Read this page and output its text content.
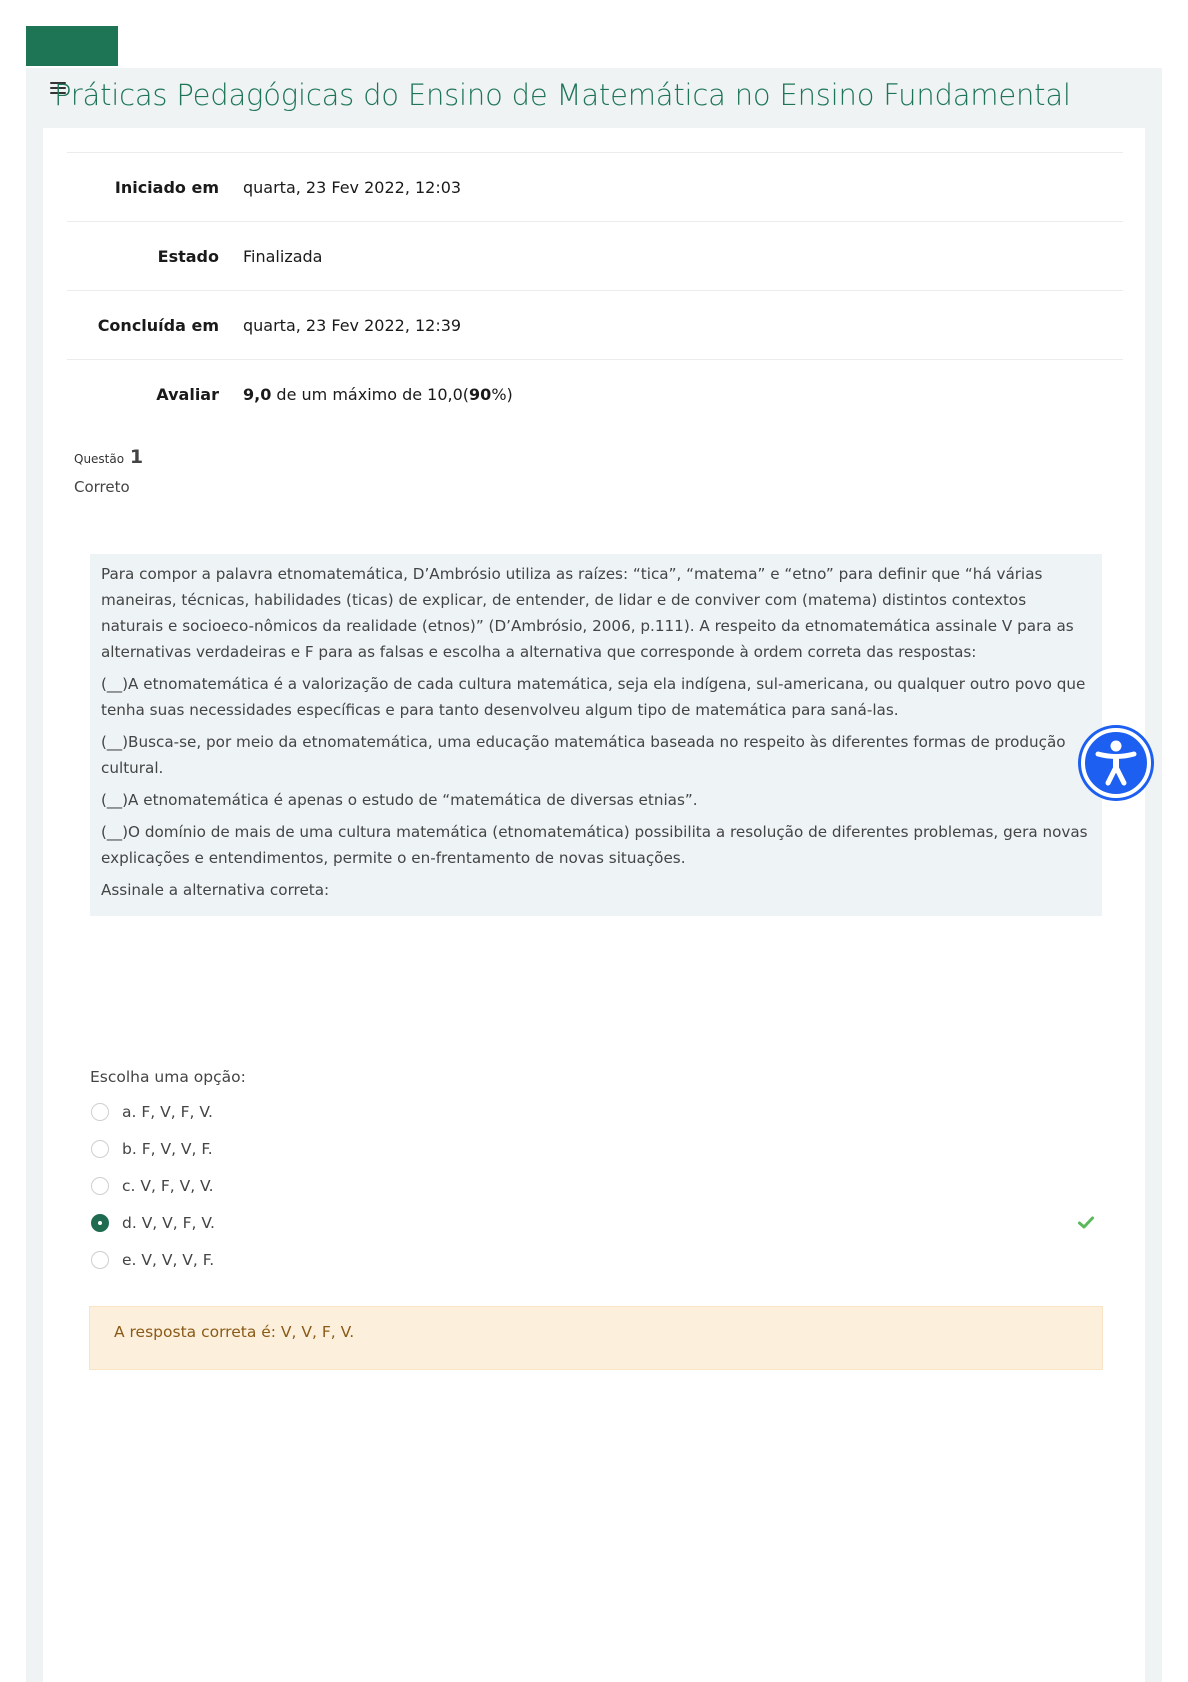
Práticas Pedagógicas do Ensino de Matemática no Ensino Fundamental
Iniciado em quarta, 23 Fev 2022, 12:03
Estado Finalizada
Concluída em quarta, 23 Fev 2022, 12:39
Avaliar 9,0 de um máximo de 10,0(90%)
Questão 1
Correto

Para compor a palavra etnomatemática, D’Ambrósio utiliza as raízes: “tica”, “matema” e “etno” para definir que “há várias maneiras, técnicas, habilidades (ticas) de explicar, de entender, de lidar e de conviver com (matema) distintos contextos naturais e socioeco-nômicos da realidade (etnos)” (D’Ambrósio, 2006, p.111). A respeito da etnomatemática assinale V para as alternativas verdadeiras e F para as falsas e escolha a alternativa que corresponde à ordem correta das respostas:

(__)A etnomatemática é a valorização de cada cultura matemática, seja ela indígena, sul-americana, ou qualquer outro povo que tenha suas necessidades específicas e para tanto desenvolveu algum tipo de matemática para saná-las.

(__)Busca-se, por meio da etnomatemática, uma educação matemática baseada no respeito às diferentes formas de produção cultural.

(__)A etnomatemática é apenas o estudo de “matemática de diversas etnias”.

(__)O domínio de mais de uma cultura matemática (etnomatemática) possibilita a resolução de diferentes problemas, gera novas explicações e entendimentos, permite o en-frentamento de novas situações.

Assinale a alternativa correta:

Escolha uma opção:
a. F, V, F, V.
b. F, V, V, F.
c. V, F, V, V.
d. V, V, F, V.
e. V, V, V, F.
A resposta correta é: V, V, F, V.
